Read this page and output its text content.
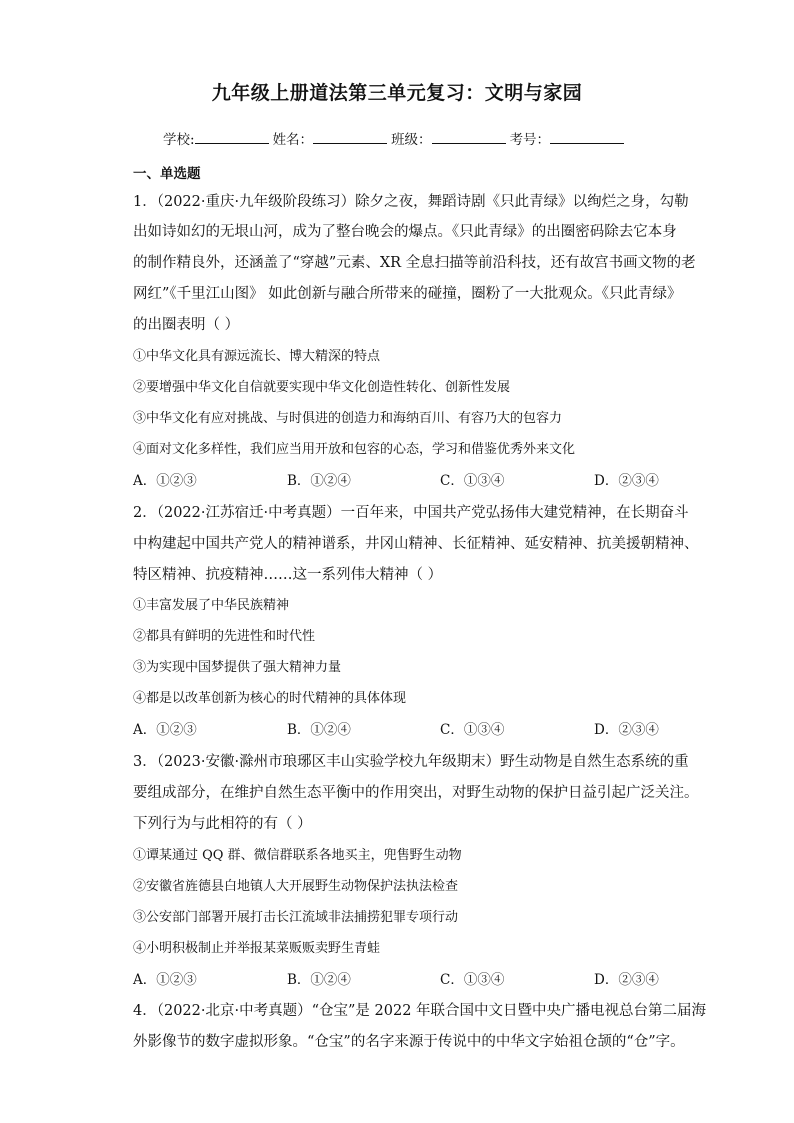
九年级上册道法第三单元复习：文明与家园
学校:	姓名：	班级：	考号：
一、单选题
1．（2022·重庆·九年级阶段练习）除夕之夜，舞蹈诗剧《只此青绿》以绚烂之身，勾勒
出如诗如幻的无垠山河，成为了整台晚会的爆点。《只此青绿》的出圈密码除去它本身
的制作精良外，还涵盖了“穿越”元素、XR 全息扫描等前沿科技，还有故宫书画文物的老
网红”《千里江山图》 如此创新与融合所带来的碰撞，圈粉了一大批观众。《只此青绿》
的出圈表明（ ）
①中华文化具有源远流长、博大精深的特点
②要增强中华文化自信就要实现中华文化创造性转化、创新性发展
③中华文化有应对挑战、与时俱进的创造力和海纳百川、有容乃大的包容力
④面对文化多样性，我们应当用开放和包容的心态，学习和借鉴优秀外来文化
A．①②③	B．①②④	C．①③④	D．②③④
2．（2022·江苏宿迁·中考真题）一百年来，中国共产党弘扬伟大建党精神，在长期奋斗
中构建起中国共产党人的精神谱系，井冈山精神、长征精神、延安精神、抗美援朝精神、
特区精神、抗疫精神……这一系列伟大精神（ ）
①丰富发展了中华民族精神
②都具有鲜明的先进性和时代性
③为实现中国梦提供了强大精神力量
④都是以改革创新为核心的时代精神的具体体现
A．①②③	B．①②④	C．①③④	D．②③④
3．（2023·安徽·滁州市琅琊区丰山实验学校九年级期末）野生动物是自然生态系统的重
要组成部分，在维护自然生态平衡中的作用突出，对野生动物的保护日益引起广泛关注。
下列行为与此相符的有（ ）
①谭某通过 QQ 群、微信群联系各地买主，兜售野生动物
②安徽省旌德县白地镇人大开展野生动物保护法执法检查
③公安部门部署开展打击长江流域非法捕捞犯罪专项行动
④小明积极制止并举报某菜贩贩卖野生青蛙
A．①②③	B．①②④	C．①③④	D．②③④
4．（2022·北京·中考真题）“仓宝”是 2022 年联合国中文日暨中央广播电视总台第二届海
外影像节的数字虚拟形象。“仓宝”的名字来源于传说中的中华文字始祖仓颉的“仓”字。
